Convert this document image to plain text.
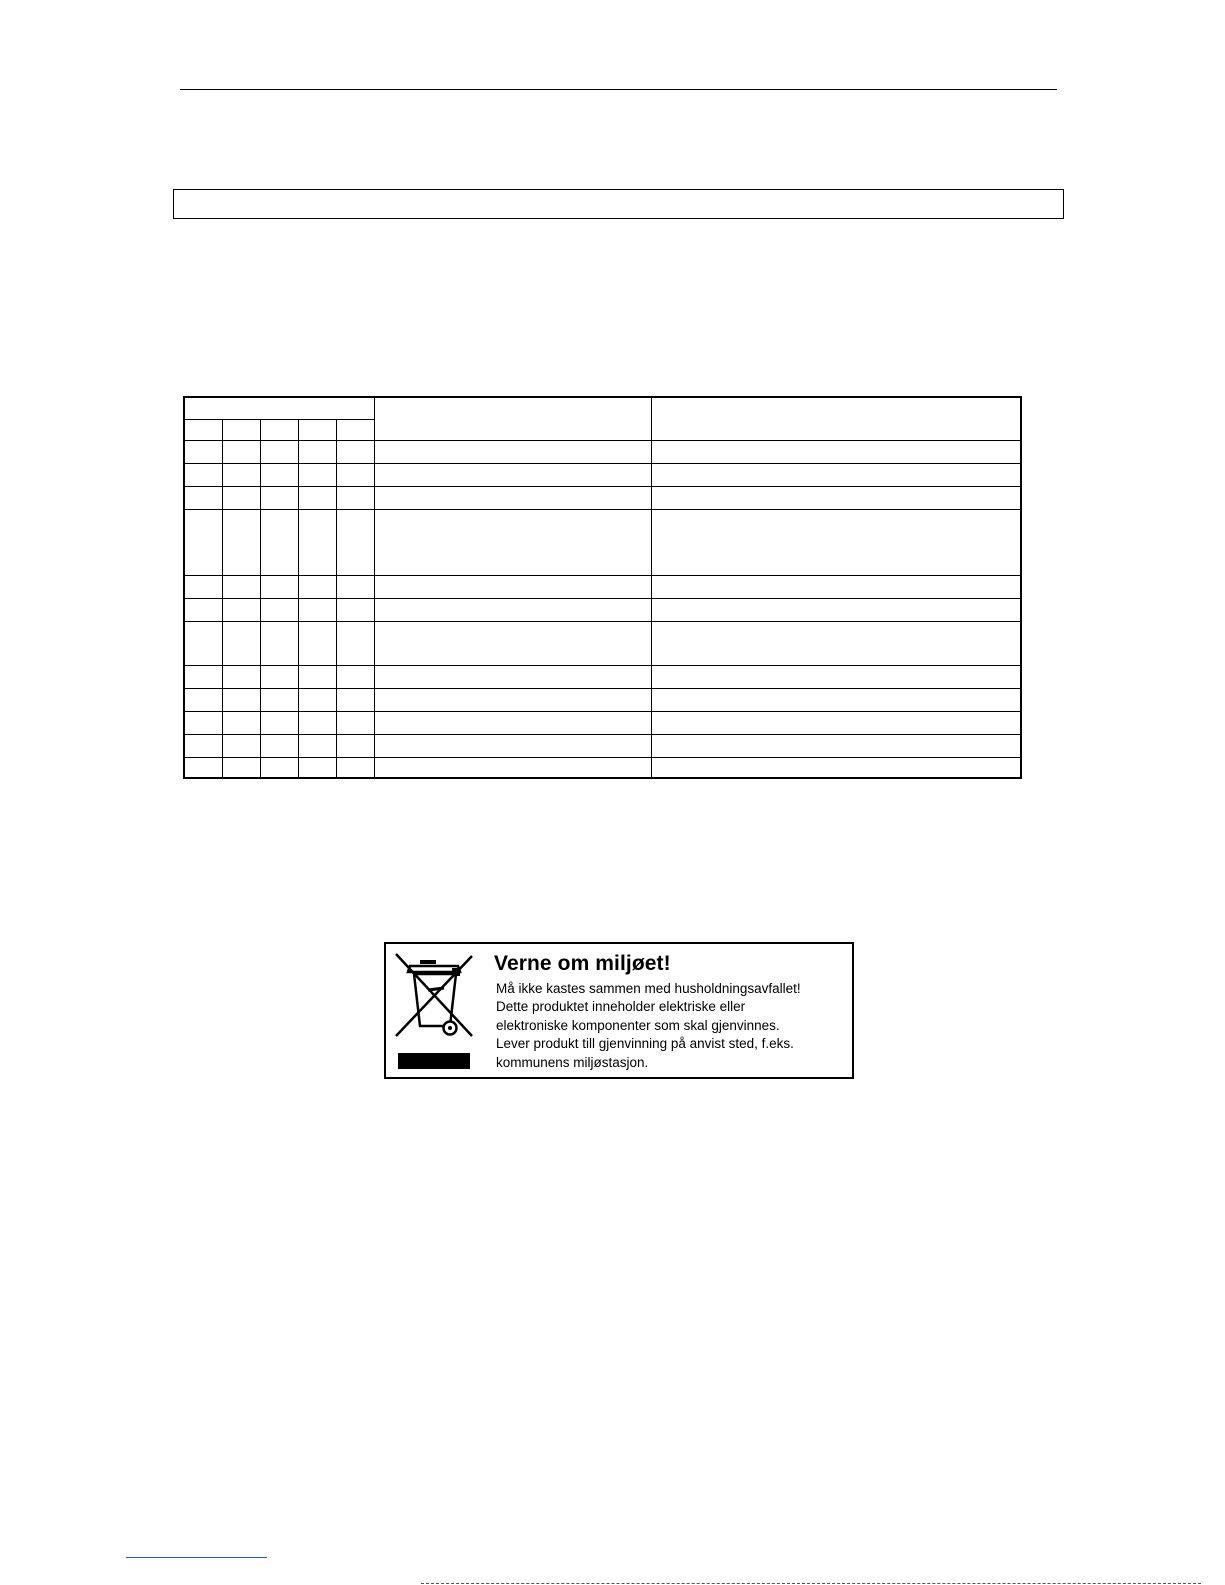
Verne om miljøet!
Må ikke kastes sammen med husholdningsavfallet!
Dette produktet inneholder elektriske eller
elektroniske komponenter som skal gjenvinnes.
Lever produkt till gjenvinning på anvist sted, f.eks.
kommunens miljøstasjon.
